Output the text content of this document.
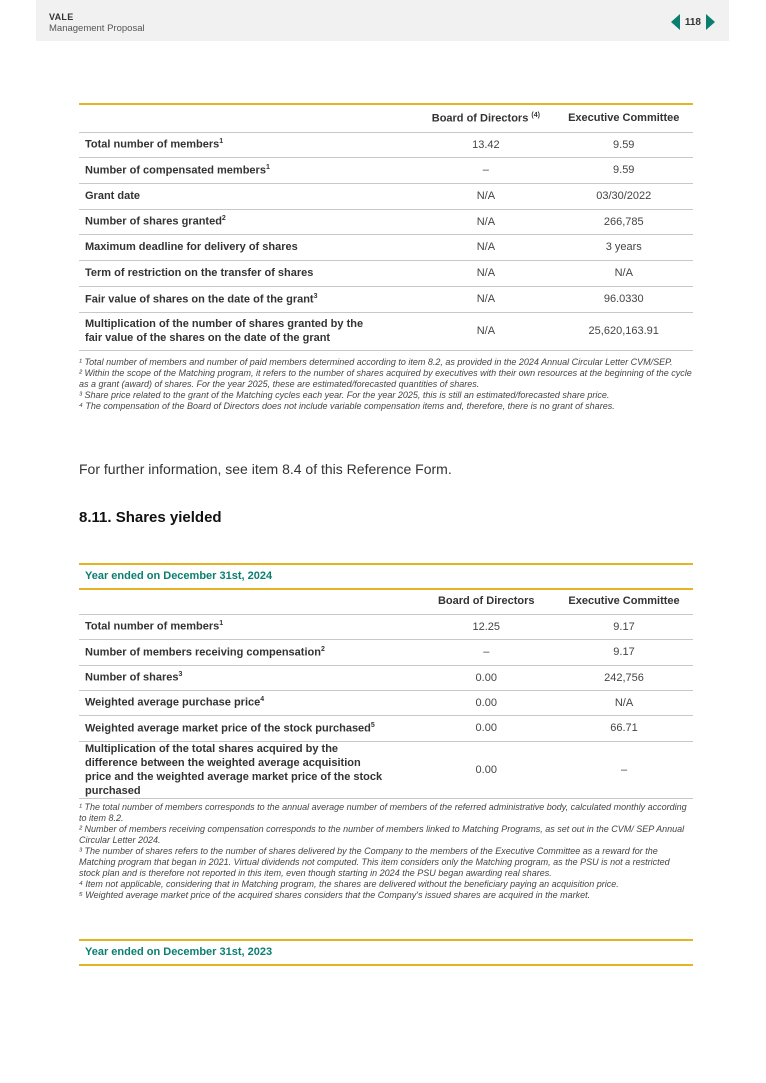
VALE
Management Proposal
118
	Board of Directors $^{(4)}$	Executive Committee
Total number of members$^1$	13.42	9.59
Number of compensated members$^1$	–	9.59
Grant date	N/A	03/30/2022
Number of shares granted$^2$	N/A	266,785
Maximum deadline for delivery of shares	N/A	3 years
Term of restriction on the transfer of shares	N/A	N/A
Fair value of shares on the date of the grant$^3$	N/A	96.0330
Multiplication of the number of shares granted by the fair value of the shares on the date of the grant	N/A	25,620,163.91

¹ Total number of members and number of paid members determined according to item 8.2, as provided in the 2024 Annual Circular Letter CVM/SEP.

² Within the scope of the Matching program, it refers to the number of shares acquired by executives with their own resources at the beginning of the cycle as a grant (award) of shares. For the year 2025, these are estimated/forecasted quantities of shares.

³ Share price related to the grant of the Matching cycles each year. For the year 2025, this is still an estimated/forecasted share price.

⁴ The compensation of the Board of Directors does not include variable compensation items and, therefore, there is no grant of shares.

For further information, see item 8.4 of this Reference Form.
8.11. Shares yielded
Year ended on December 31st, 2024
	Board of Directors	Executive Committee
Total number of members$^1$	12.25	9.17
Number of members receiving compensation$^2$	–	9.17
Number of shares$^3$	0.00	242,756
Weighted average purchase price$^4$	0.00	N/A
Weighted average market price of the stock purchased$^5$	0.00	66.71
Multiplication of the total shares acquired by the difference between the weighted average acquisition price and the weighted average market price of the stock purchased	0.00	–

¹ The total number of members corresponds to the annual average number of members of the referred administrative body, calculated monthly according to item 8.2.

² Number of members receiving compensation corresponds to the number of members linked to Matching Programs, as set out in the CVM/ SEP Annual Circular Letter 2024.

³ The number of shares refers to the number of shares delivered by the Company to the members of the Executive Committee as a reward for the Matching program that began in 2021. Virtual dividends not computed. This item considers only the Matching program, as the PSU is not a restricted stock plan and is therefore not reported in this item, even though starting in 2024 the PSU began awarding real shares.

⁴ Item not applicable, considering that in Matching program, the shares are delivered without the beneficiary paying an acquisition price.

⁵ Weighted average market price of the acquired shares considers that the Company's issued shares are acquired in the market.

Year ended on December 31st, 2023
